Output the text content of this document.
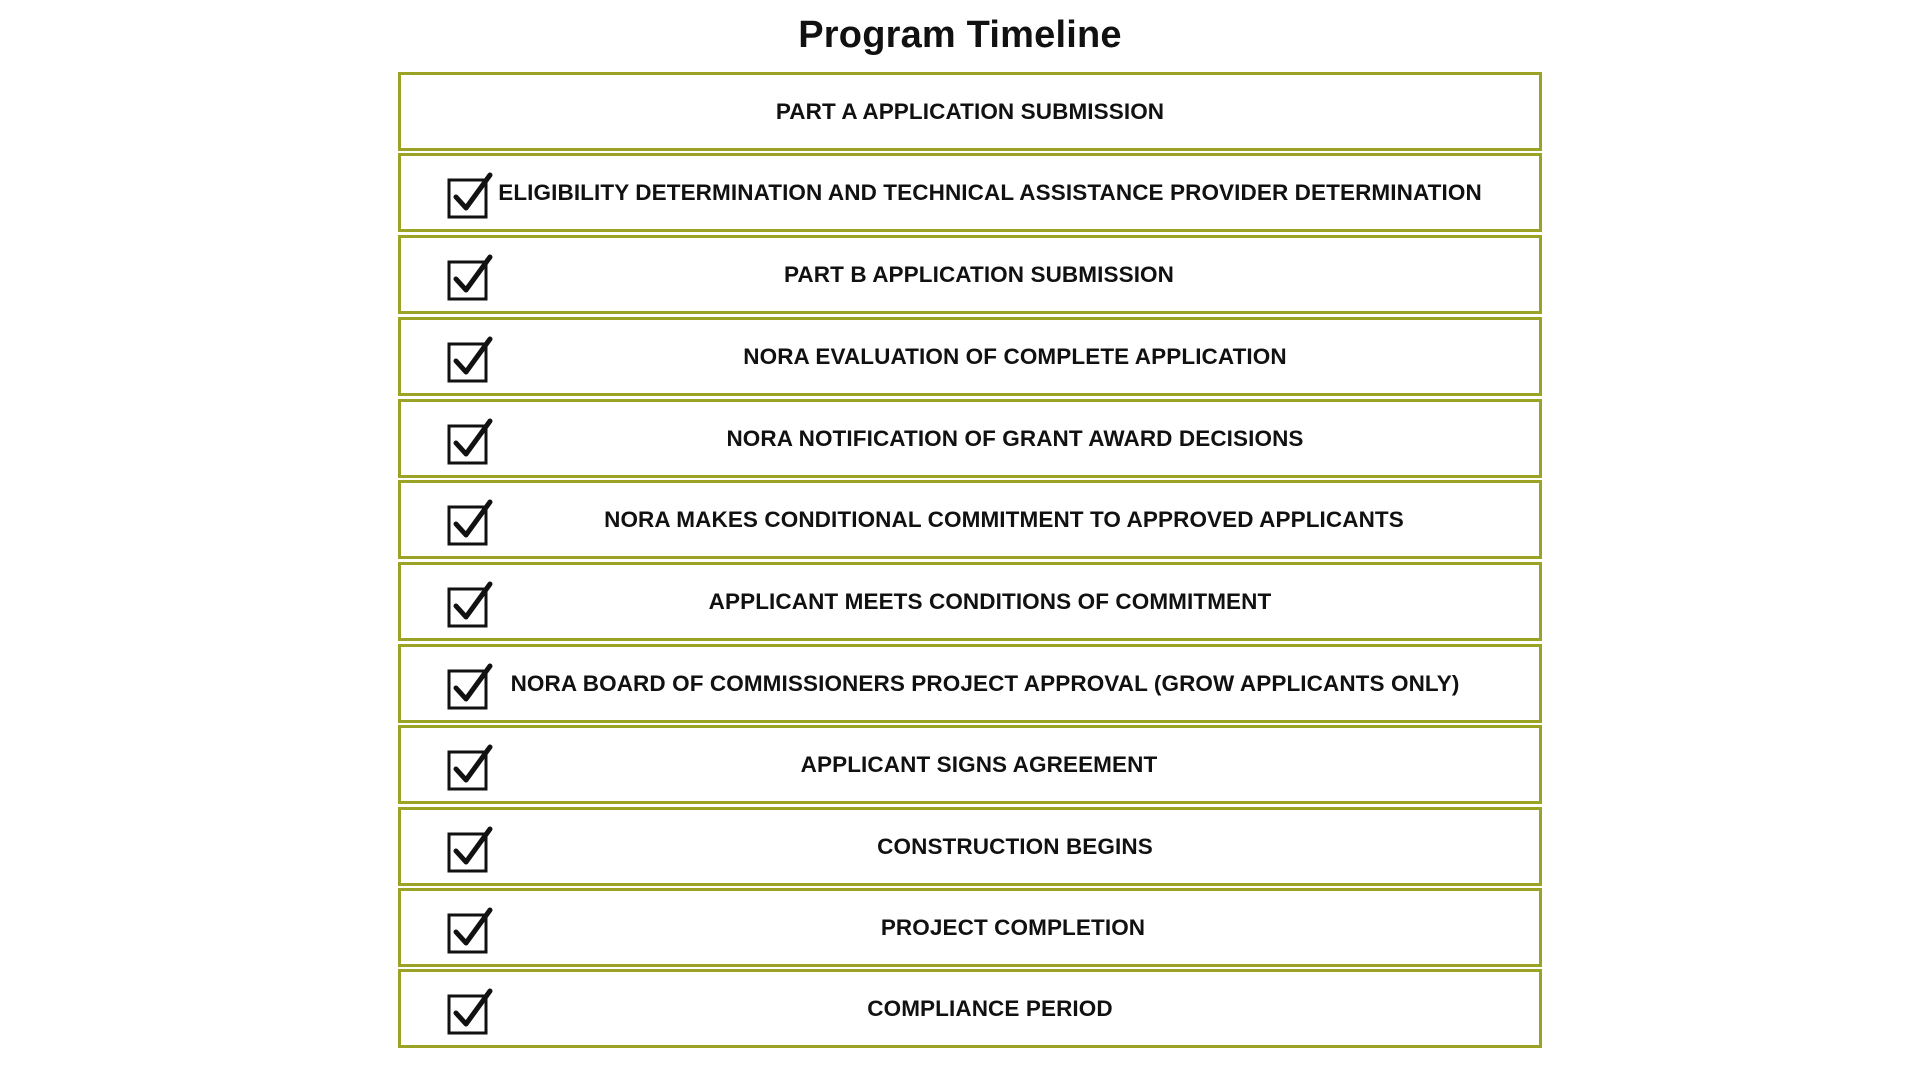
Program Timeline
PART A APPLICATION SUBMISSION
ELIGIBILITY DETERMINATION AND TECHNICAL ASSISTANCE PROVIDER DETERMINATION
PART B APPLICATION SUBMISSION
NORA EVALUATION OF COMPLETE APPLICATION
NORA NOTIFICATION OF GRANT AWARD DECISIONS
NORA MAKES CONDITIONAL COMMITMENT TO APPROVED APPLICANTS
APPLICANT MEETS CONDITIONS OF COMMITMENT
NORA BOARD OF COMMISSIONERS PROJECT APPROVAL (GROW APPLICANTS ONLY)
APPLICANT SIGNS AGREEMENT
CONSTRUCTION BEGINS
PROJECT COMPLETION
COMPLIANCE PERIOD
